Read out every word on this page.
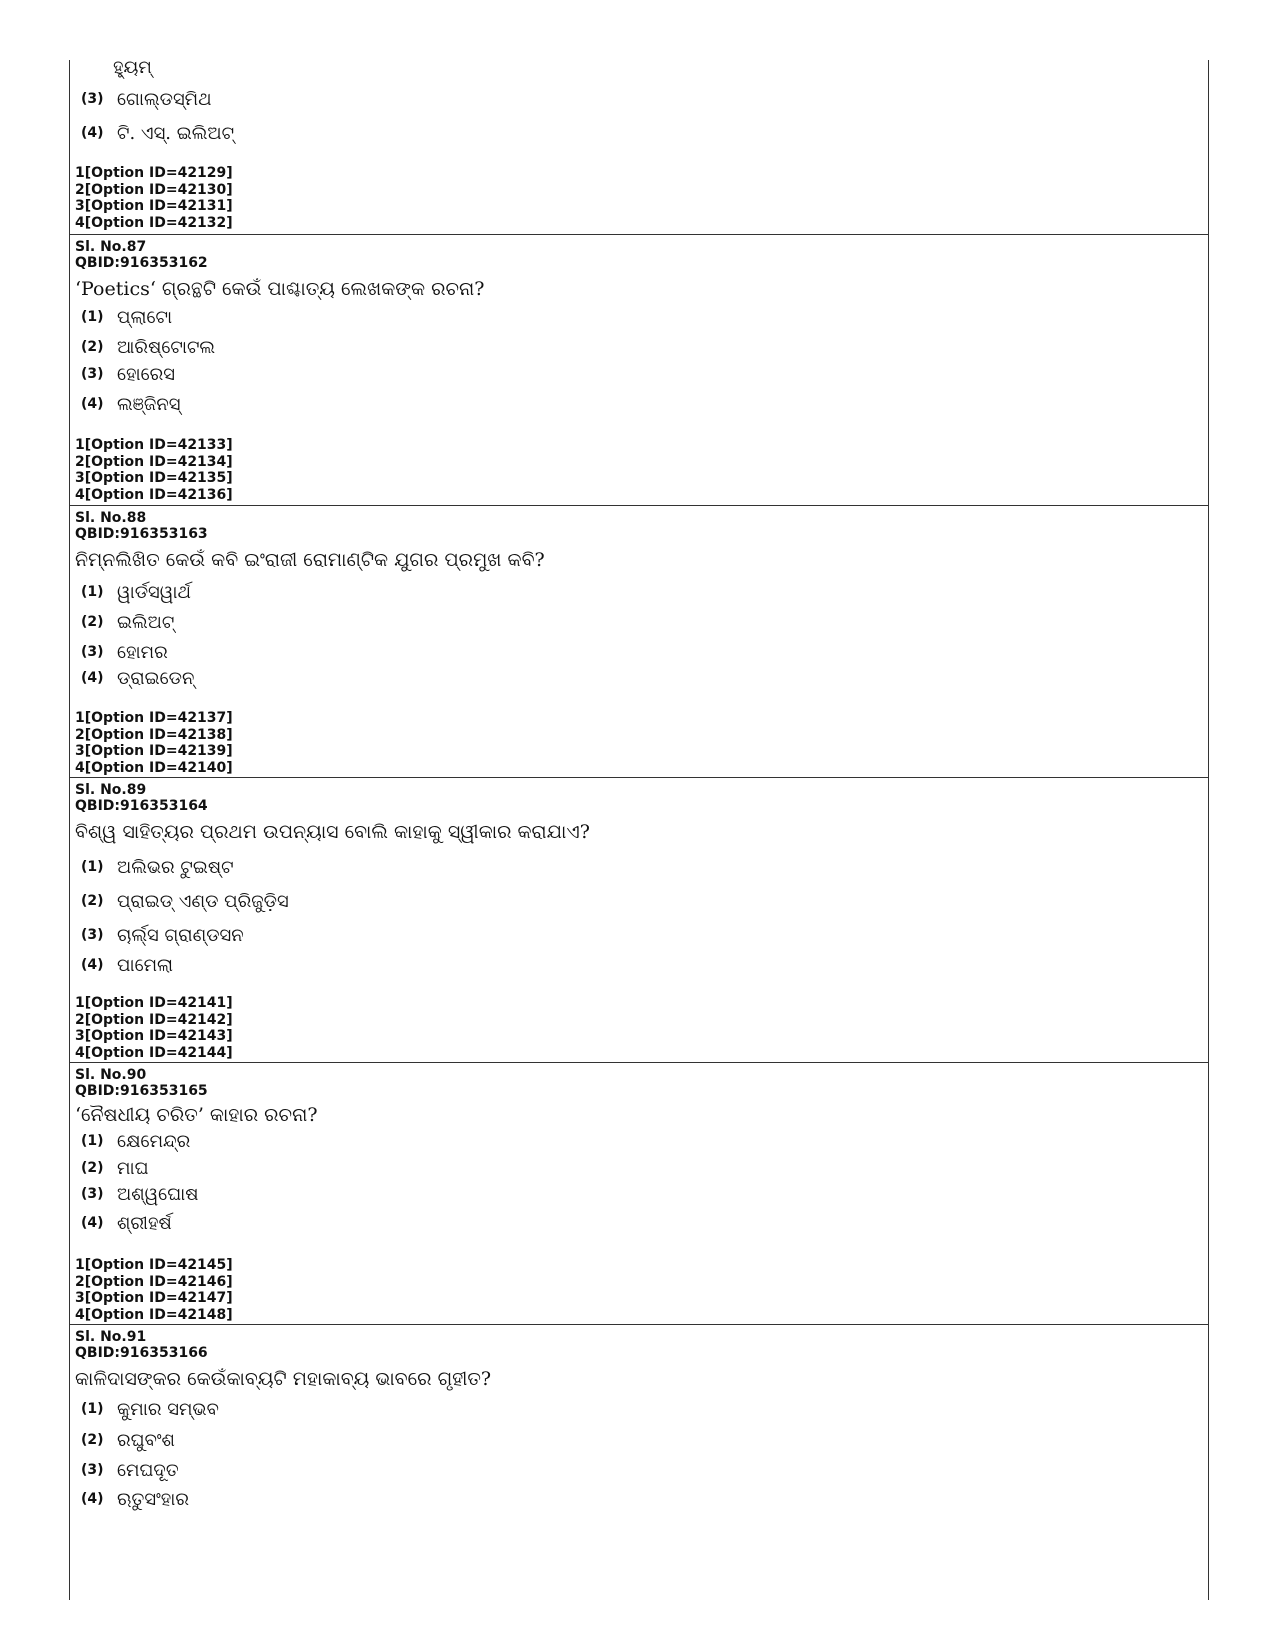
ହ୍ୟୁମ୍
(3) ଗୋଲ୍ଡସ୍ମିଥ
(4) ଟି. ଏସ୍. ଇଲିଅଟ୍
1[Option ID=42129]
2[Option ID=42130]
3[Option ID=42131]
4[Option ID=42132]
Sl. No.87
QBID:916353162
‘Poetics‘ ଗ୍ରନ୍ଥଟି କେଉଁ ପାଶ୍ଚାତ୍ୟ ଲେଖକଙ୍କ ରଚନା?
(1) ପ୍ଲାଟୋ
(2) ଆରିଷ୍ଟୋଟଲ
(3) ହୋରେସ
(4) ଲଞ୍ଜିନସ୍
1[Option ID=42133]
2[Option ID=42134]
3[Option ID=42135]
4[Option ID=42136]
Sl. No.88
QBID:916353163
ନିମ୍ନଲିଖିତ କେଉଁ କବି ଇଂରାଜୀ ରୋମାଣ୍ଟିକ ଯୁଗର ପ୍ରମୁଖ କବି?
(1) ୱାର୍ଡସୱାର୍ଥ
(2) ଇଲିଅଟ୍
(3) ହୋମର
(4) ଡ୍ରାଇଡେନ୍
1[Option ID=42137]
2[Option ID=42138]
3[Option ID=42139]
4[Option ID=42140]
Sl. No.89
QBID:916353164
ବିଶ୍ୱ ସାହିତ୍ୟର ପ୍ରଥମ ଉପନ୍ୟାସ ବୋଲି କାହାକୁ ସ୍ୱୀକାର କରାଯାଏ?
(1) ଅଲିଭର ଟୁଇଷ୍ଟ
(2) ପ୍ରାଇଡ୍ ଏଣ୍ଡ ପ୍ରିଜୁଡ଼ିସ
(3) ଚାର୍ଲ୍ସ ଗ୍ରାଣ୍ଡସନ
(4) ପାମେଲା
1[Option ID=42141]
2[Option ID=42142]
3[Option ID=42143]
4[Option ID=42144]
Sl. No.90
QBID:916353165
‘ନୈଷଧୀୟ ଚରିତ’ କାହାର ରଚନା?
(1) କ୍ଷେମେନ୍ଦ୍ର
(2) ମାଘ
(3) ଅଶ୍ୱଘୋଷ
(4) ଶ୍ରୀହର୍ଷ
1[Option ID=42145]
2[Option ID=42146]
3[Option ID=42147]
4[Option ID=42148]
Sl. No.91
QBID:916353166
କାଳିଦାସଙ୍କର କେଉଁକାବ୍ୟଟି ମହାକାବ୍ୟ ଭାବରେ ଗୃହୀତ?
(1) କୁମାର ସମ୍ଭବ
(2) ରଘୁବଂଶ
(3) ମେଘଦୂତ
(4) ଋତୁସଂହାର
